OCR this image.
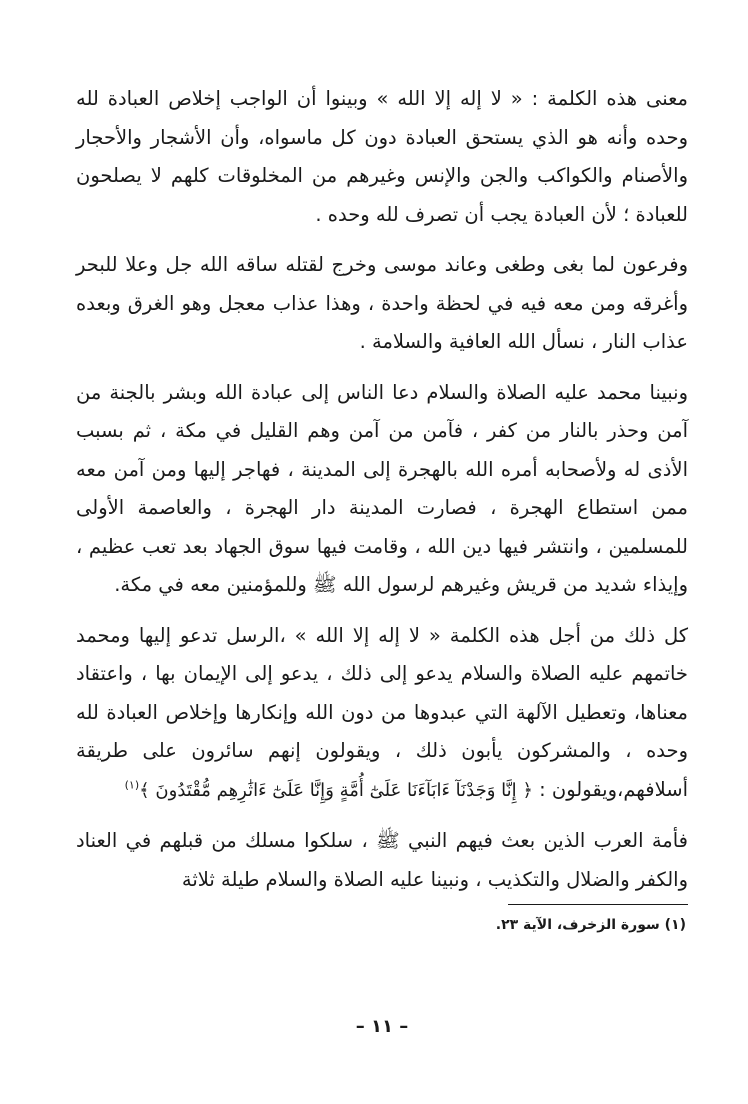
معنى هذه الكلمة : « لا إله إلا الله » وبينوا أن الواجب إخلاص العبادة لله وحده وأنه هو الذي يستحق العبادة دون كل ماسواه، وأن الأشجار والأحجار والأصنام والكواكب والجن والإنس وغيرهم من المخلوقات كلهم لا يصلحون للعبادة ؛ لأن العبادة يجب أن تصرف لله وحده .

وفرعون لما بغى وطغى وعاند موسى وخرج لقتله ساقه الله جل وعلا للبحر وأغرقه ومن معه فيه في لحظة واحدة ، وهذا عذاب معجل وهو الغرق وبعده عذاب النار ، نسأل الله العافية والسلامة .

ونبينا محمد عليه الصلاة والسلام دعا الناس إلى عبادة الله وبشر بالجنة من آمن وحذر بالنار من كفر ، فآمن من آمن وهم القليل في مكة ، ثم بسبب الأذى له ولأصحابه أمره الله بالهجرة إلى المدينة ، فهاجر إليها ومن آمن معه ممن استطاع الهجرة ، فصارت المدينة دار الهجرة ، والعاصمة الأولى للمسلمين ، وانتشر فيها دين الله ، وقامت فيها سوق الجهاد بعد تعب عظيم ، وإيذاء شديد من قريش وغيرهم لرسول الله ﷺ وللمؤمنين معه في مكة.

كل ذلك من أجل هذه الكلمة « لا إله إلا الله » ،الرسل تدعو إليها ومحمد خاتمهم عليه الصلاة والسلام يدعو إلى ذلك ، يدعو إلى الإيمان بها ، واعتقاد معناها، وتعطيل الآلهة التي عبدوها من دون الله وإنكارها وإخلاص العبادة لله وحده ، والمشركون يأبون ذلك ، ويقولون إنهم سائرون على طريقة أسلافهم،ويقولون : ﴿ إِنَّا وَجَدْنَآ ءَابَآءَنَا عَلَىٰٓ أُمَّةٍ وَإِنَّا عَلَىٰٓ ءَاثَٰرِهِم مُّقْتَدُونَ ﴾$^{(١)}$

فأمة العرب الذين بعث فيهم النبي ﷺ ، سلكوا مسلك من قبلهم في العناد والكفر والضلال والتكذيب ، ونبينا عليه الصلاة والسلام طيلة ثلاثة

(١) سورة الزخرف، الآية ٢٣.

– ١١ –
